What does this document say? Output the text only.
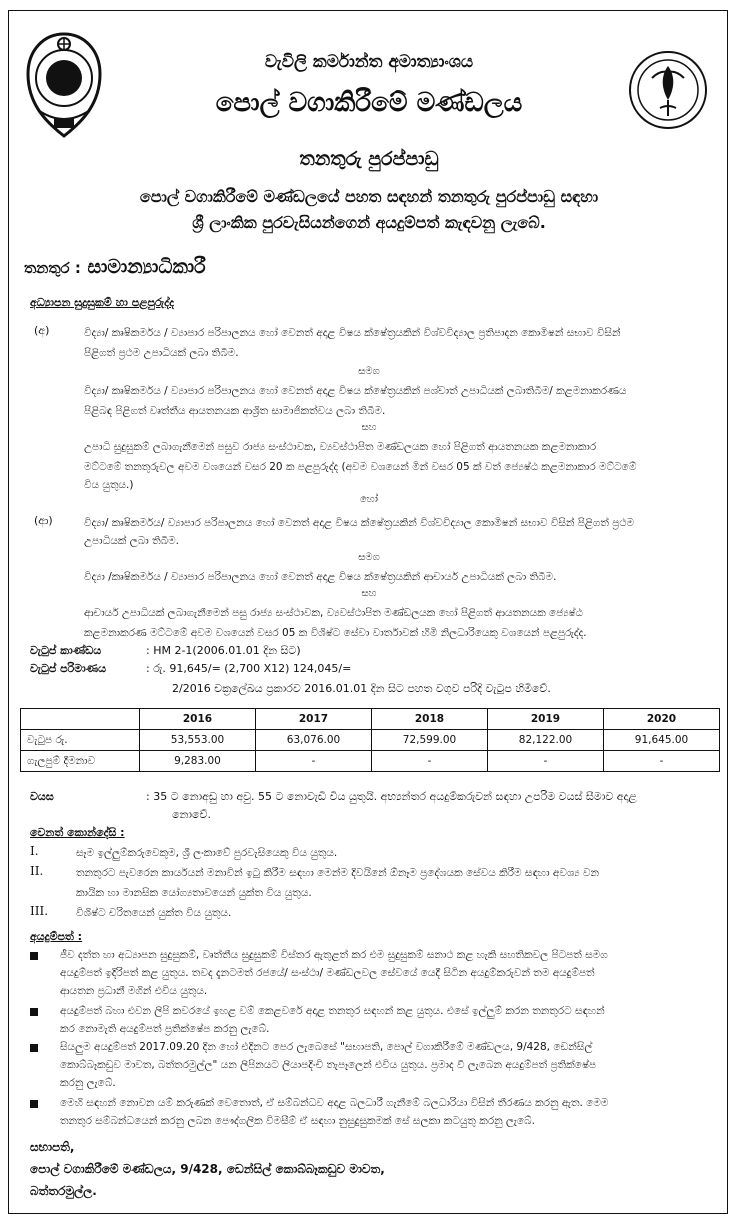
වැවිලි කර්මාන්ත අමාත්‍යාංශය
පොල් වගාකිරීමේ මණ්ඩලය
තනතුරු පුරප්පාඩු
පොල් වගාකිරීමේ මණ්ඩලයේ පහත සඳහන් තනතුරු පුරප්පාඩු සඳහා
ශ්‍රී ලාංකික පුරවැසියන්ගෙන් අයදුම්පත් කැඳවනු ලැබේ.
තනතුර : සාමාන්‍යාධිකාරී
අධ්‍යාපන සුදුසුකම් හා පළපුරුද්ද
(අ)	විද්‍යා/ කෘෂිකර්මය / ව්‍යාපාර පරිපාලනය හෝ වෙනත් අදාළ විෂය ක්ෂේත්‍රයකින් විශ්වවිද්‍යාල ප්‍රතිපාදන කොමිෂන් සභාව විසින්
පිළිගත් ප්‍රථම උපාධියක් ලබා තිබීම.
සමග
විද්‍යා/ කෘෂිකර්මය / ව්‍යාපාර පරිපාලනය හෝ වෙනත් අදාළ විෂය ක්ෂේත්‍රයකින් පශ්චාත් උපාධියක් ලබාතිබීම/ කළමනාකරණය
පිළිබඳ පිළිගත් වෘත්තීය ආයතනයක ආශ්‍රිත සාමාජිකත්වය ලබා තිබීම.
සහ
උපාධි සුදුසුකම් ලබාගැනීමෙන් පසුව රාජ්‍ය සංස්ථාවක, ව්‍යවස්ථාපිත මණ්ඩලයක හෝ පිළිගත් ආයතනයක කළමනාකාර
මට්ටමේ තනතුරුවල අවම වශයෙන් වසර 20 ක පළපුරුද්ද (අවම වශයෙන් මින් වසර 05 ක් වත් ජ්‍යෙෂ්ඨ කළමනාකාර මට්ටමේ
විය යුතුය.)
හෝ
(ආ)	විද්‍යා/ කෘෂිකර්මය/ ව්‍යාපාර පරිපාලනය හෝ වෙනත් අදාළ විෂය ක්ෂේත්‍රයකින් විශ්වවිද්‍යාල කොමිෂන් සභාව විසින් පිළිගත් ප්‍රථම
උපාධියක් ලබා තිබීම.
සමග
විද්‍යා /කෘෂිකර්මය / ව්‍යාපාර පරිපාලනය හෝ වෙනත් අදාළ විෂය ක්ෂේත්‍රයකින් ආචාර්ය උපාධියක් ලබා තිබීම.
සහ
ආචාර්ය උපාධියක් ලබාගැනීමෙන් පසු රාජ්‍ය සංස්ථාවක, ව්‍යවස්ථාපිත මණ්ඩලයක හෝ පිළිගත් ආයතනයක ජ්‍යෙෂ්ඨ
කළමනාකරණ මට්ටමේ අවම වශයෙන් වසර 05 ක විශිෂ්ට සේවා වාර්තාවක් හිමි නිලධාරියෙකු වශයෙන් පළපුරුද්ද.
වැටුප් කාණ්ඩය	: HM 2-1(2006.01.01 දින සිට)
වැටුප් පරිමාණය	: රු. 91,645/= (2,700 X12) 124,045/=
2/2016 චක්‍රලේඛය ප්‍රකාරව 2016.01.01 දින සිට පහත වගුව පරිදි වැටුප හිමිවේ.
	2016	2017	2018	2019	2020
වැටුප රු.	53,553.00	63,076.00	72,599.00	82,122.00	91,645.00
ගැලපුම් දීමනාව	9,283.00	-	-	-	-
වයස	: 35 ට නොඅඩු හා අවු. 55 ට නොවැඩි විය යුතුයි. අභ්‍යන්තර අයදුම්කරුවන් සඳහා උපරිම වයස් සීමාව අදාළ
නොවේ.
වෙනත් කොන්දේසි :
I.	සෑම ඉල්ලුම්කරුවෙකුම, ශ්‍රී ලංකාවේ පුරවැසියෙකු විය යුතුය.
II.	තනතුරට පැවරෙන කාර්යයන් මනාවින් ඉටු කිරීම සඳහා මෙන්ම දිවයිනේ ඕනෑම ප්‍රදේශයක සේවය කිරීම සඳහා අවශ්‍ය වන
කායික හා මානසික යෝග්‍යතාවයෙන් යුක්ත විය යුතුය.
III.	විශිෂ්ට චරිතයෙන් යුක්ත විය යුතුය.
අයදුම්පත් :
ජීව දත්ත හා අධ්‍යාපන සුදුසුකම්, වෘත්තීය සුදුසුකම් විස්තර ඇතුළත් කර එම සුදුසුකම් සනාථ කළ හැකි සහතිකවල පිටපත් සමග
අයදුම්පත් ඉදිරිපත් කළ යුතුය. තවද දැනටමත් රජයේ/ සංස්ථා/ මණ්ඩලවල සේවයේ යෙදී සිටින අයදුම්කරුවන් තම අයදුම්පත්
ආයතන ප්‍රධානී මගින් එවිය යුතුය.
අයදුම්පත් බහා එවන ලිපි කවරයේ ඉහළ වම් කෙළවරේ අදාළ තනතුර සඳහන් කළ යුතුය. එසේ ඉල්ලුම් කරන තනතුරට සඳහන්
කර නොමැති අයදුම්පත් ප්‍රතික්ෂේප කරනු ලැබේ.
සියලුම අයදුම්පත් 2017.09.20 දින හෝ එදිනට පෙර ලැබෙසේ "සභාපති, පොල් වගාකිරීමේ මණ්ඩලය, 9/428, ඩෙන්සිල්
කොබ්බෑකඩුව මාවත, බත්තරමුල්ල" යන ලිපිනයට ලියාපදිංචි තැපෑලෙන් එවිය යුතුය. ප්‍රමාද වී ලැබෙන අයදුම්පත් ප්‍රතික්ෂේප
කරනු ලැබේ.
මෙහි සඳහන් නොවන යම් කරුණක් වෙතොත්, ඒ සම්බන්ධව අදාළ බලධාරී ගැනීමේ බලධාරියා විසින් තීරණය කරනු ඇත. මෙම
තනතුර සම්බන්ධයෙන් කරනු ලබන පෞද්ගලික විමසීම් ඒ සඳහා නුසුදුසුකමක් සේ සලකා කටයුතු කරනු ලැබේ.
සභාපති,
පොල් වගාකිරීමේ මණ්ඩලය, 9/428, ඩෙන්සිල් කොබ්බෑකඩුව මාවත,
බත්තරමුල්ල.
